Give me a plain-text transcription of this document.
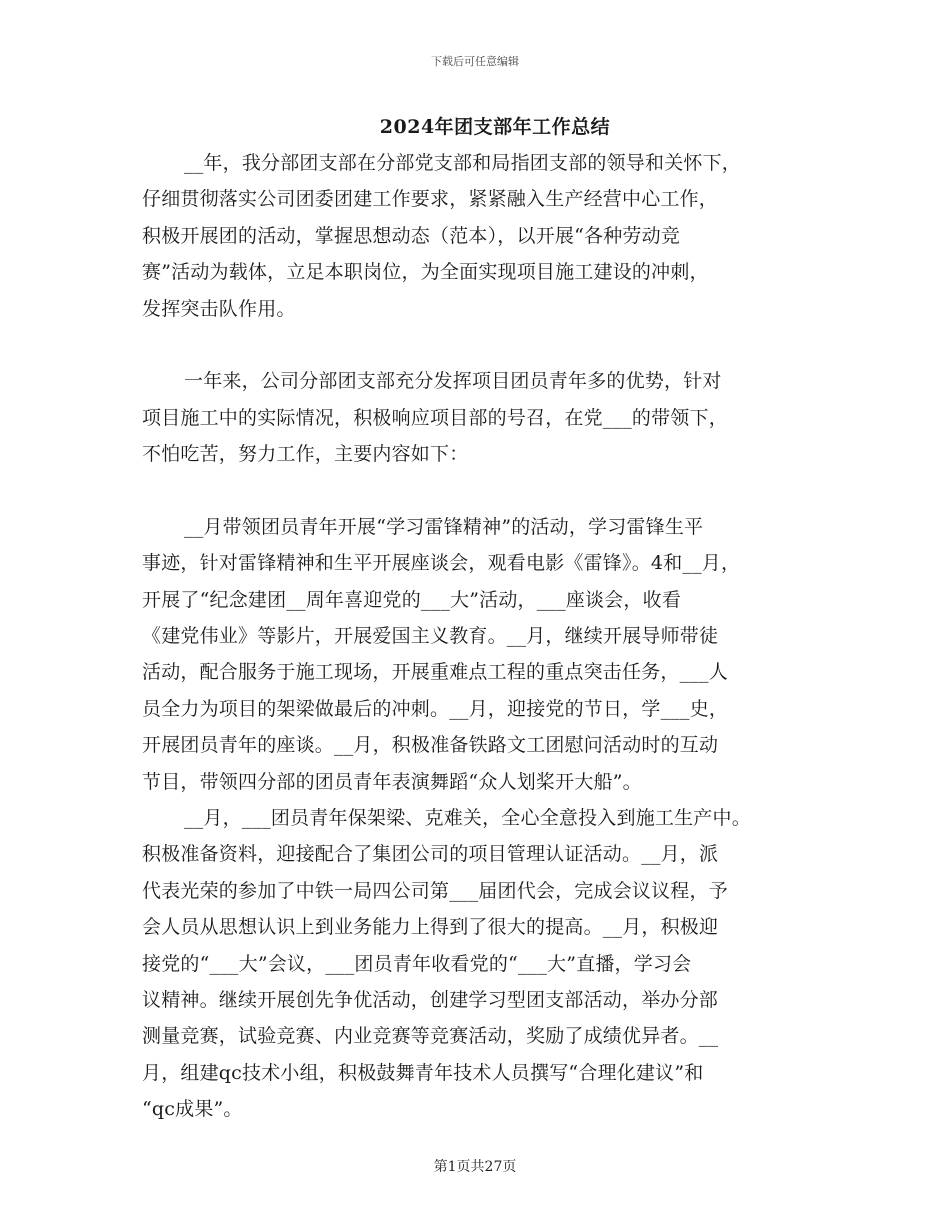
下载后可任意编辑
2024年团支部年工作总结
__年，我分部团支部在分部党支部和局指团支部的领导和关怀下，
仔细贯彻落实公司团委团建工作要求，紧紧融入生产经营中心工作，
积极开展团的活动，掌握思想动态（范本），以开展“各种劳动竞
赛”活动为载体，立足本职岗位，为全面实现项目施工建设的冲刺，
发挥突击队作用。
一年来，公司分部团支部充分发挥项目团员青年多的优势，针对
项目施工中的实际情况，积极响应项目部的号召，在党___的带领下，
不怕吃苦，努力工作，主要内容如下：
__月带领团员青年开展“学习雷锋精神”的活动，学习雷锋生平
事迹，针对雷锋精神和生平开展座谈会，观看电影《雷锋》。4和__月，
开展了“纪念建团__周年喜迎党的___大”活动，___座谈会，收看
《建党伟业》等影片，开展爱国主义教育。__月，继续开展导师带徒
活动，配合服务于施工现场，开展重难点工程的重点突击任务，___人
员全力为项目的架梁做最后的冲刺。__月，迎接党的节日，学___史，
开展团员青年的座谈。__月，积极准备铁路文工团慰问活动时的互动
节目，带领四分部的团员青年表演舞蹈“众人划桨开大船”。
__月，___团员青年保架梁、克难关，全心全意投入到施工生产中。
积极准备资料，迎接配合了集团公司的项目管理认证活动。__月，派
代表光荣的参加了中铁一局四公司第___届团代会，完成会议议程，予
会人员从思想认识上到业务能力上得到了很大的提高。__月，积极迎
接党的“___大”会议，___团员青年收看党的“___大”直播，学习会
议精神。继续开展创先争优活动，创建学习型团支部活动，举办分部
测量竞赛，试验竞赛、内业竞赛等竞赛活动，奖励了成绩优异者。__
月，组建qc技术小组，积极鼓舞青年技术人员撰写“合理化建议”和
“qc成果”。
第1页共27页
